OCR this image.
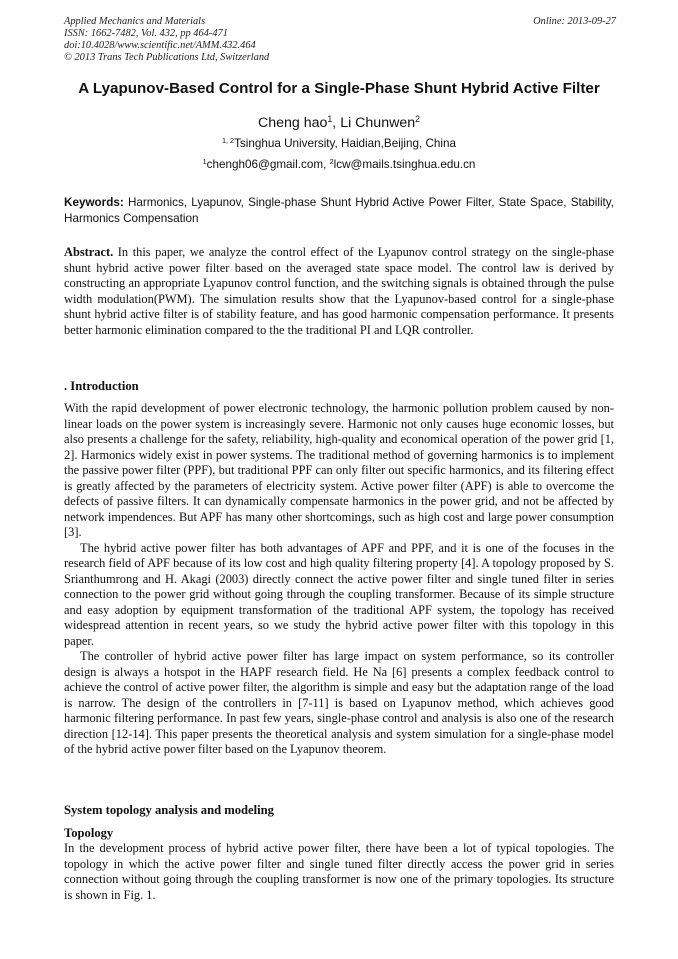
Applied Mechanics and Materials
ISSN: 1662-7482, Vol. 432, pp 464-471
doi:10.4028/www.scientific.net/AMM.432.464
© 2013 Trans Tech Publications Ltd, Switzerland
Online: 2013-09-27
A Lyapunov-Based Control for a Single-Phase Shunt Hybrid Active Filter
Cheng hao$^1$, Li Chunwen$^2$
$^{1, 2}$Tsinghua University, Haidian,Beijing, China
$^1$chengh06@gmail.com, $^2$lcw@mails.tsinghua.edu.cn
Keywords: Harmonics, Lyapunov, Single-phase Shunt Hybrid Active Power Filter, State Space, Stability, Harmonics Compensation
Abstract. In this paper, we analyze the control effect of the Lyapunov control strategy on the single-phase shunt hybrid active power filter based on the averaged state space model. The control law is derived by constructing an appropriate Lyapunov control function, and the switching signals is obtained through the pulse width modulation(PWM). The simulation results show that the Lyapunov-based control for a single-phase shunt hybrid active filter is of stability feature, and has good harmonic compensation performance. It presents better harmonic elimination compared to the the traditional PI and LQR controller.
. Introduction

With the rapid development of power electronic technology, the harmonic pollution problem caused by non-linear loads on the power system is increasingly severe. Harmonic not only causes huge economic losses, but also presents a challenge for the safety, reliability, high-quality and economical operation of the power grid [1, 2]. Harmonics widely exist in power systems. The traditional method of governing harmonics is to implement the passive power filter (PPF), but traditional PPF can only filter out specific harmonics, and its filtering effect is greatly affected by the parameters of electricity system. Active power filter (APF) is able to overcome the defects of passive filters. It can dynamically compensate harmonics in the power grid, and not be affected by network impendences. But APF has many other shortcomings, such as high cost and large power consumption [3].

The hybrid active power filter has both advantages of APF and PPF, and it is one of the focuses in the research field of APF because of its low cost and high quality filtering property [4]. A topology proposed by S. Srianthumrong and H. Akagi (2003) directly connect the active power filter and single tuned filter in series connection to the power grid without going through the coupling transformer. Because of its simple structure and easy adoption by equipment transformation of the traditional APF system, the topology has received widespread attention in recent years, so we study the hybrid active power filter with this topology in this paper.

The controller of hybrid active power filter has large impact on system performance, so its controller design is always a hotspot in the HAPF research field. He Na [6] presents a complex feedback control to achieve the control of active power filter, the algorithm is simple and easy but the adaptation range of the load is narrow. The design of the controllers in [7-11] is based on Lyapunov method, which achieves good harmonic filtering performance. In past few years, single-phase control and analysis is also one of the research direction [12-14]. This paper presents the theoretical analysis and system simulation for a single-phase model of the hybrid active power filter based on the Lyapunov theorem.

System topology analysis and modeling
Topology

In the development process of hybrid active power filter, there have been a lot of typical topologies. The topology in which the active power filter and single tuned filter directly access the power grid in series connection without going through the coupling transformer is now one of the primary topologies. Its structure is shown in Fig. 1.
